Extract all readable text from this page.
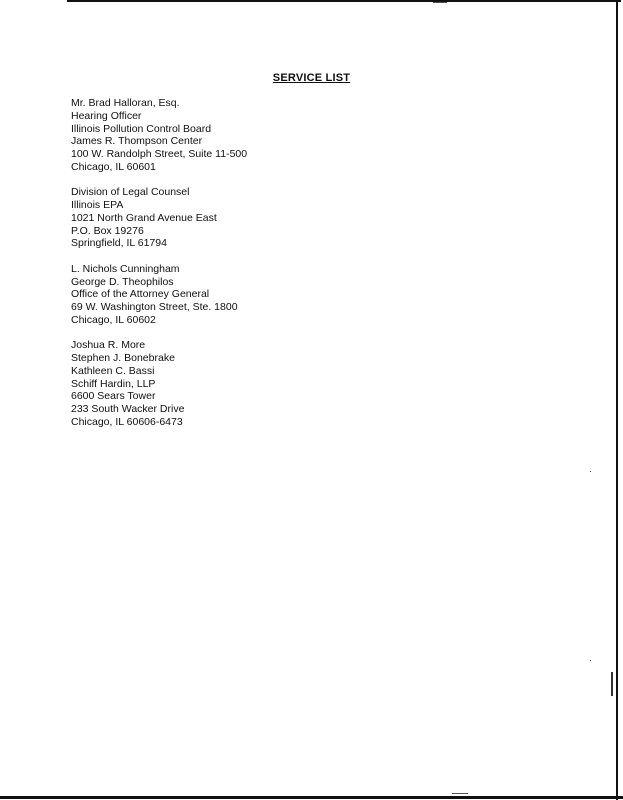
SERVICE LIST
Mr. Brad Halloran, Esq.
Hearing Officer
Illinois Pollution Control Board
James R. Thompson Center
100 W. Randolph Street, Suite 11-500
Chicago, IL 60601
Division of Legal Counsel
Illinois EPA
1021 North Grand Avenue East
P.O. Box 19276
Springfield, IL 61794
L. Nichols Cunningham
George D. Theophilos
Office of the Attorney General
69 W. Washington Street, Ste. 1800
Chicago, IL 60602
Joshua R. More
Stephen J. Bonebrake
Kathleen C. Bassi
Schiff Hardin, LLP
6600 Sears Tower
233 South Wacker Drive
Chicago, IL 60606-6473
